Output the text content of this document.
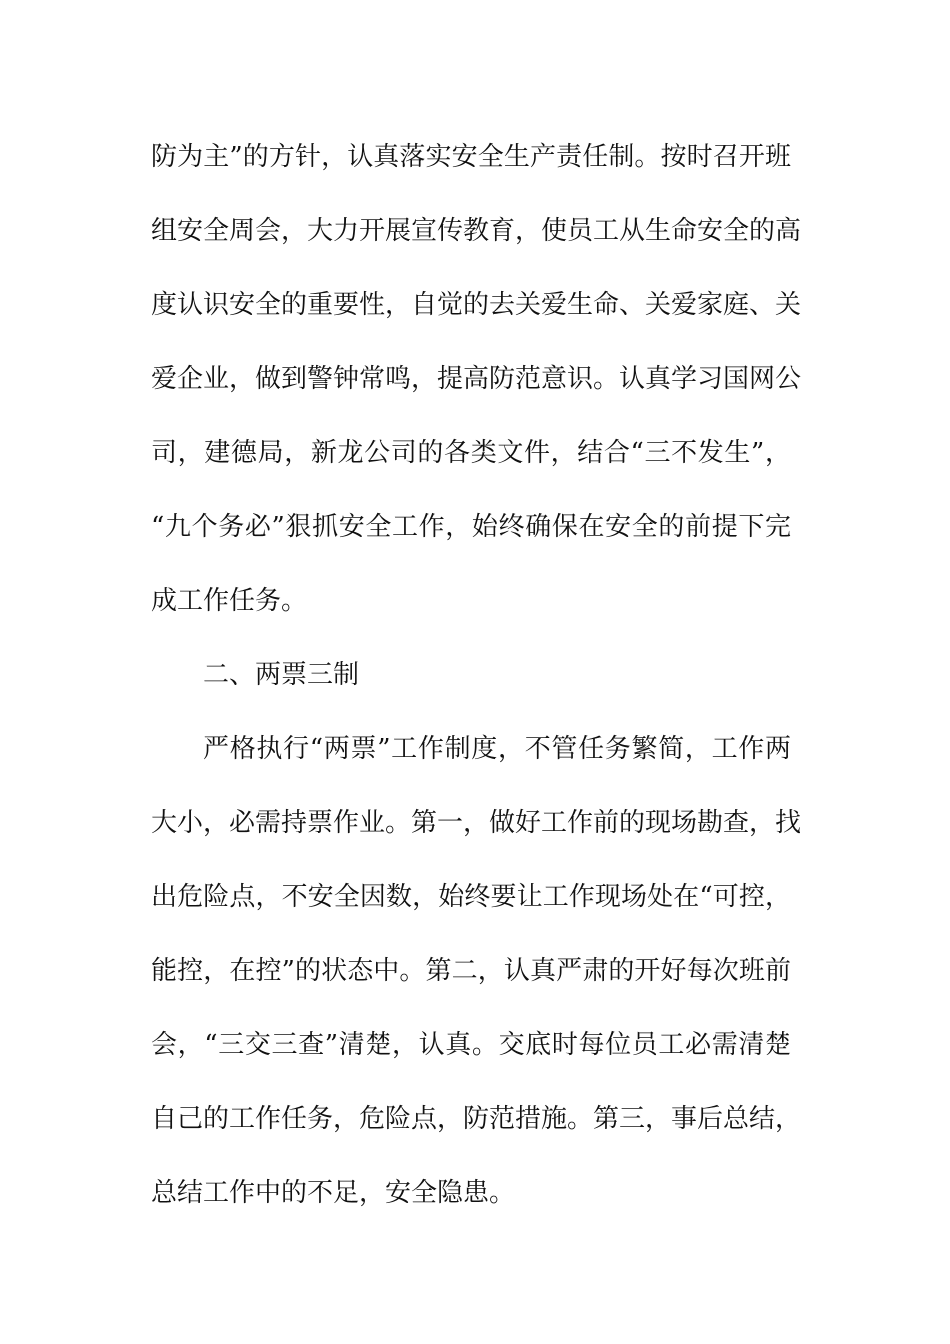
防为主”的方针，认真落实安全生产责任制。按时召开班
组安全周会，大力开展宣传教育，使员工从生命安全的高
度认识安全的重要性，自觉的去关爱生命、关爱家庭、关
爱企业，做到警钟常鸣，提高防范意识。认真学习国网公
司，建德局，新龙公司的各类文件，结合“三不发生”，
“九个务必”狠抓安全工作，始终确保在安全的前提下完
成工作任务。
二、两票三制
严格执行“两票”工作制度，不管任务繁简，工作两
大小，必需持票作业。第一，做好工作前的现场勘查，找
出危险点，不安全因数，始终要让工作现场处在“可控，
能控，在控”的状态中。第二，认真严肃的开好每次班前
会，“三交三查”清楚，认真。交底时每位员工必需清楚
自己的工作任务，危险点，防范措施。第三，事后总结，
总结工作中的不足，安全隐患。
